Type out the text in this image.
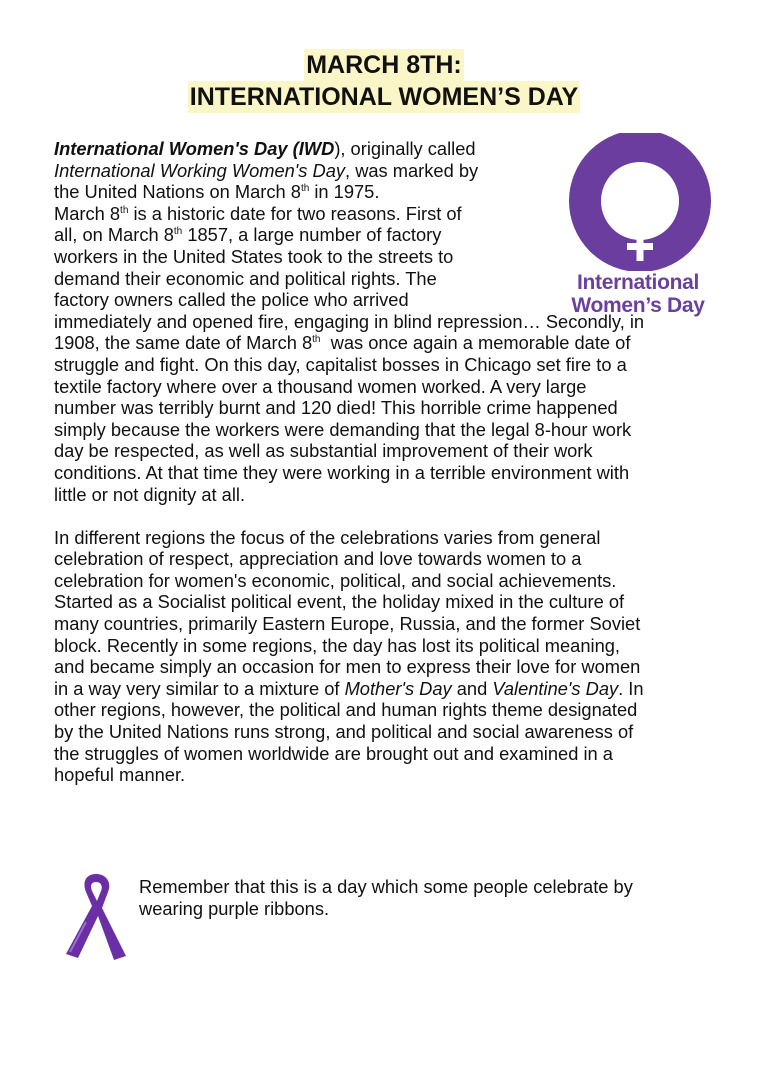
MARCH 8TH:
INTERNATIONAL WOMEN’S DAY
International
Women’s Day
International Women's Day (IWD), originally called
International Working Women's Day, was marked by
the United Nations on March 8th in 1975.
March 8th is a historic date for two reasons. First of
all, on March 8th 1857, a large number of factory
workers in the United States took to the streets to
demand their economic and political rights. The
factory owners called the police who arrived
immediately and opened fire, engaging in blind repression… Secondly, in
1908, the same date of March 8th  was once again a memorable date of
struggle and fight. On this day, capitalist bosses in Chicago set fire to a
textile factory where over a thousand women worked. A very large
number was terribly burnt and 120 died! This horrible crime happened
simply because the workers were demanding that the legal 8-hour work
day be respected, as well as substantial improvement of their work
conditions. At that time they were working in a terrible environment with
little or not dignity at all.
In different regions the focus of the celebrations varies from general
celebration of respect, appreciation and love towards women to a
celebration for women's economic, political, and social achievements.
Started as a Socialist political event, the holiday mixed in the culture of
many countries, primarily Eastern Europe, Russia, and the former Soviet
block. Recently in some regions, the day has lost its political meaning,
and became simply an occasion for men to express their love for women
in a way very similar to a mixture of Mother's Day and Valentine's Day. In
other regions, however, the political and human rights theme designated
by the United Nations runs strong, and political and social awareness of
the struggles of women worldwide are brought out and examined in a
hopeful manner.
Remember that this is a day which some people celebrate by
wearing purple ribbons.
